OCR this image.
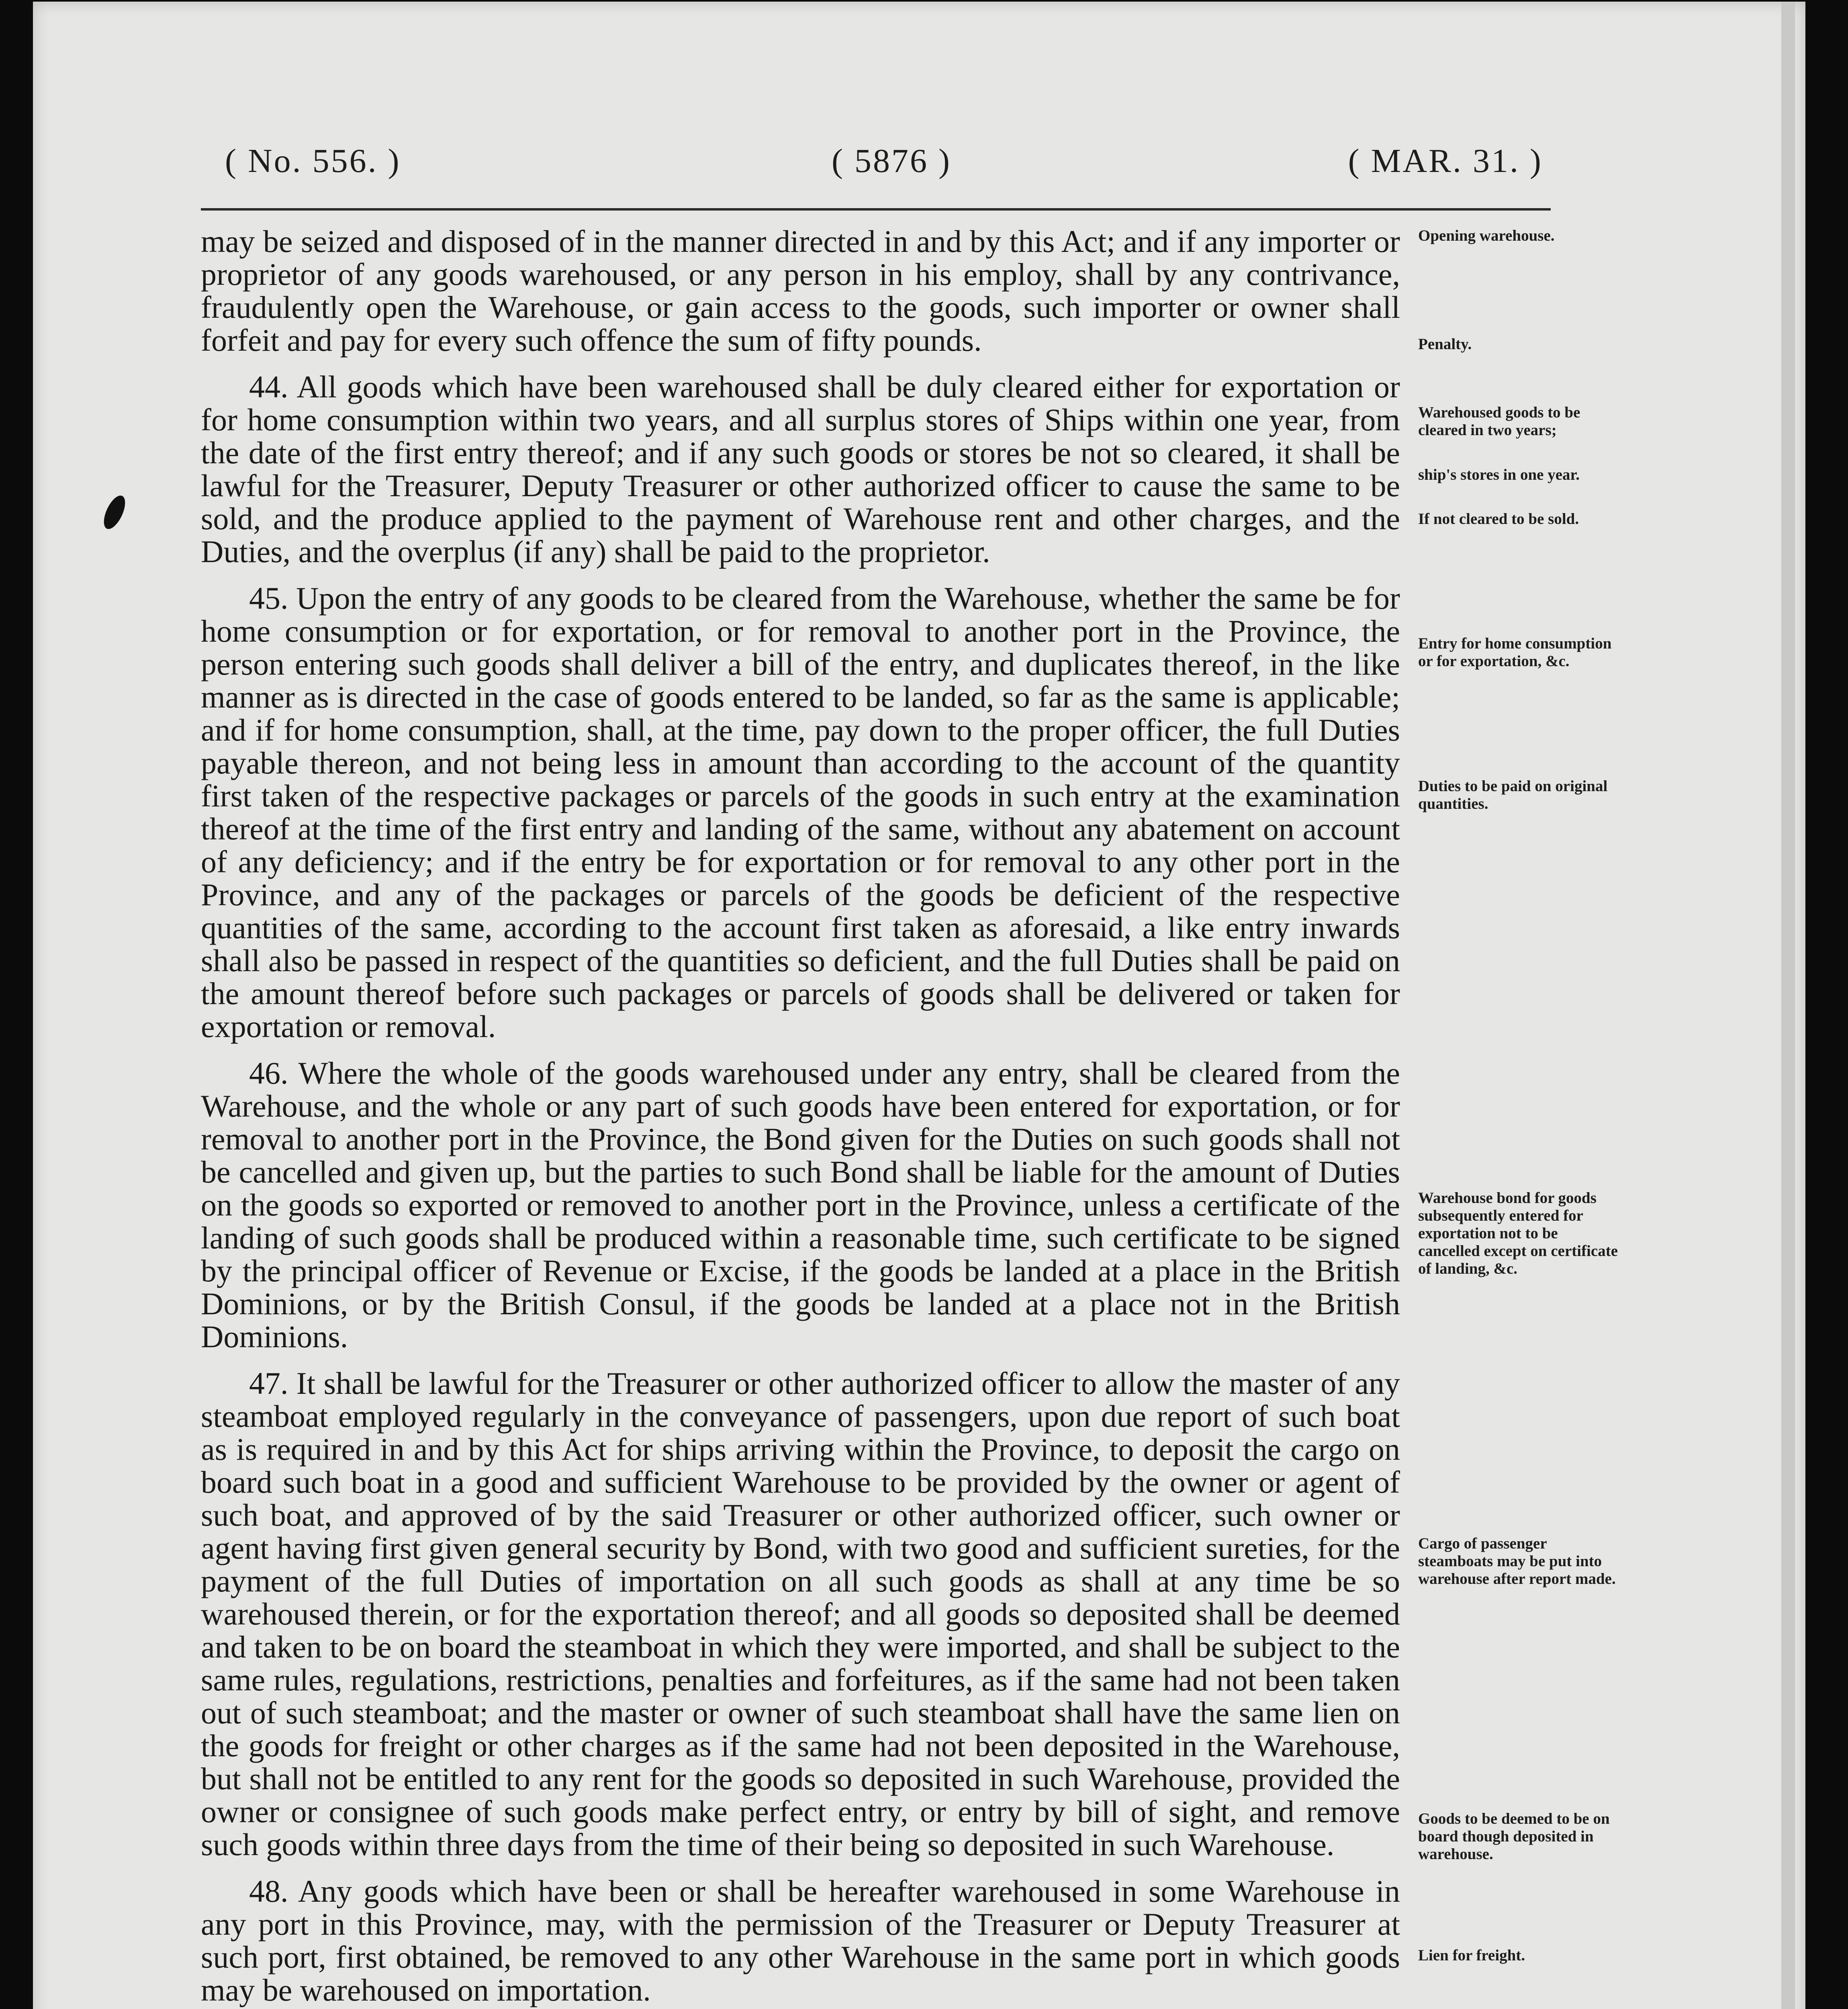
( No. 556. )	( 5876 )	( MAR. 31. )

may be seized and disposed of in the manner directed in and by this Act; and if any importer or proprietor of any goods warehoused, or any person in his employ, shall by any contrivance, fraudulently open the Warehouse, or gain access to the goods, such importer or owner shall forfeit and pay for every such offence the sum of fifty pounds.

44. All goods which have been warehoused shall be duly cleared either for exportation or for home consumption within two years, and all surplus stores of Ships within one year, from the date of the first entry thereof; and if any such goods or stores be not so cleared, it shall be lawful for the Treasurer, Deputy Treasurer or other authorized officer to cause the same to be sold, and the produce applied to the payment of Warehouse rent and other charges, and the Duties, and the overplus (if any) shall be paid to the proprietor.

45. Upon the entry of any goods to be cleared from the Warehouse, whether the same be for home consumption or for exportation, or for removal to another port in the Province, the person entering such goods shall deliver a bill of the entry, and duplicates thereof, in the like manner as is directed in the case of goods entered to be landed, so far as the same is applicable; and if for home consumption, shall, at the time, pay down to the proper officer, the full Duties payable thereon, and not being less in amount than according to the account of the quantity first taken of the respective packages or parcels of the goods in such entry at the examination thereof at the time of the first entry and landing of the same, without any abatement on account of any deficiency; and if the entry be for exportation or for removal to any other port in the Province, and any of the packages or parcels of the goods be deficient of the respective quantities of the same, according to the account first taken as aforesaid, a like entry inwards shall also be passed in respect of the quantities so deficient, and the full Duties shall be paid on the amount thereof before such packages or parcels of goods shall be delivered or taken for exportation or removal.

46. Where the whole of the goods warehoused under any entry, shall be cleared from the Warehouse, and the whole or any part of such goods have been entered for exportation, or for removal to another port in the Province, the Bond given for the Duties on such goods shall not be cancelled and given up, but the parties to such Bond shall be liable for the amount of Duties on the goods so exported or removed to another port in the Province, unless a certificate of the landing of such goods shall be produced within a reasonable time, such certificate to be signed by the principal officer of Revenue or Excise, if the goods be landed at a place in the British Dominions, or by the British Consul, if the goods be landed at a place not in the British Dominions.

47. It shall be lawful for the Treasurer or other authorized officer to allow the master of any steamboat employed regularly in the conveyance of passengers, upon due report of such boat as is required in and by this Act for ships arriving within the Province, to deposit the cargo on board such boat in a good and sufficient Warehouse to be provided by the owner or agent of such boat, and approved of by the said Treasurer or other authorized officer, such owner or agent having first given general security by Bond, with two good and sufficient sureties, for the payment of the full Duties of importation on all such goods as shall at any time be so warehoused therein, or for the exportation thereof; and all goods so deposited shall be deemed and taken to be on board the steamboat in which they were imported, and shall be subject to the same rules, regulations, restrictions, penalties and forfeitures, as if the same had not been taken out of such steamboat; and the master or owner of such steamboat shall have the same lien on the goods for freight or other charges as if the same had not been deposited in the Warehouse, but shall not be entitled to any rent for the goods so deposited in such Warehouse, provided the owner or consignee of such goods make perfect entry, or entry by bill of sight, and remove such goods within three days from the time of their being so deposited in such Warehouse.

48. Any goods which have been or shall be hereafter warehoused in some Warehouse in any port in this Province, may, with the permission of the Treasurer or Deputy Treasurer at such port, first obtained, be removed to any other Warehouse in the same port in which goods may be warehoused on importation.

Opening warehouse.
Penalty.
Warehoused goods to be cleared in two years;
ship's stores in one year.
If not cleared to be sold.
Entry for home consumption or for exportation, &c.
Duties to be paid on original quantities.
Warehouse bond for goods subsequently entered for exportation not to be cancelled except on certificate of landing, &c.
Cargo of passenger steamboats may be put into warehouse after report made.
Goods to be deemed to be on board though deposited in warehouse.
Lien for freight.
